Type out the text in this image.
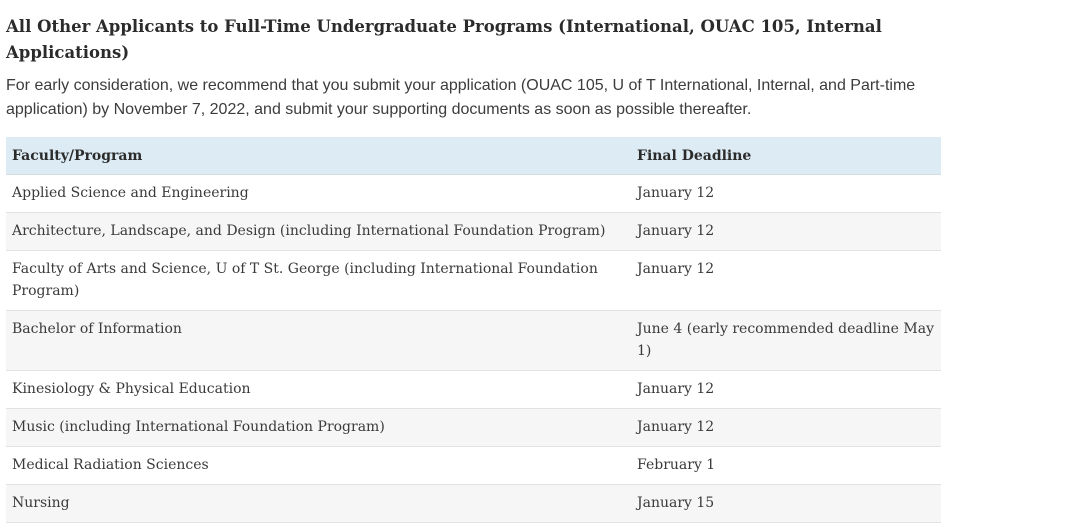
All Other Applicants to Full-Time Undergraduate Programs (International, OUAC 105, Internal Applications)

For early consideration, we recommend that you submit your application (OUAC 105, U of T International, Internal, and Part-time application) by November 7, 2022, and submit your supporting documents as soon as possible thereafter.

Faculty/Program	Final Deadline
Applied Science and Engineering	January 12
Architecture, Landscape, and Design (including International Foundation Program)	January 12
Faculty of Arts and Science, U of T St. George (including International Foundation Program)	January 12
Bachelor of Information	June 4 (early recommended deadline May 1)
Kinesiology & Physical Education	January 12
Music (including International Foundation Program)	January 12
Medical Radiation Sciences	February 1
Nursing	January 15
